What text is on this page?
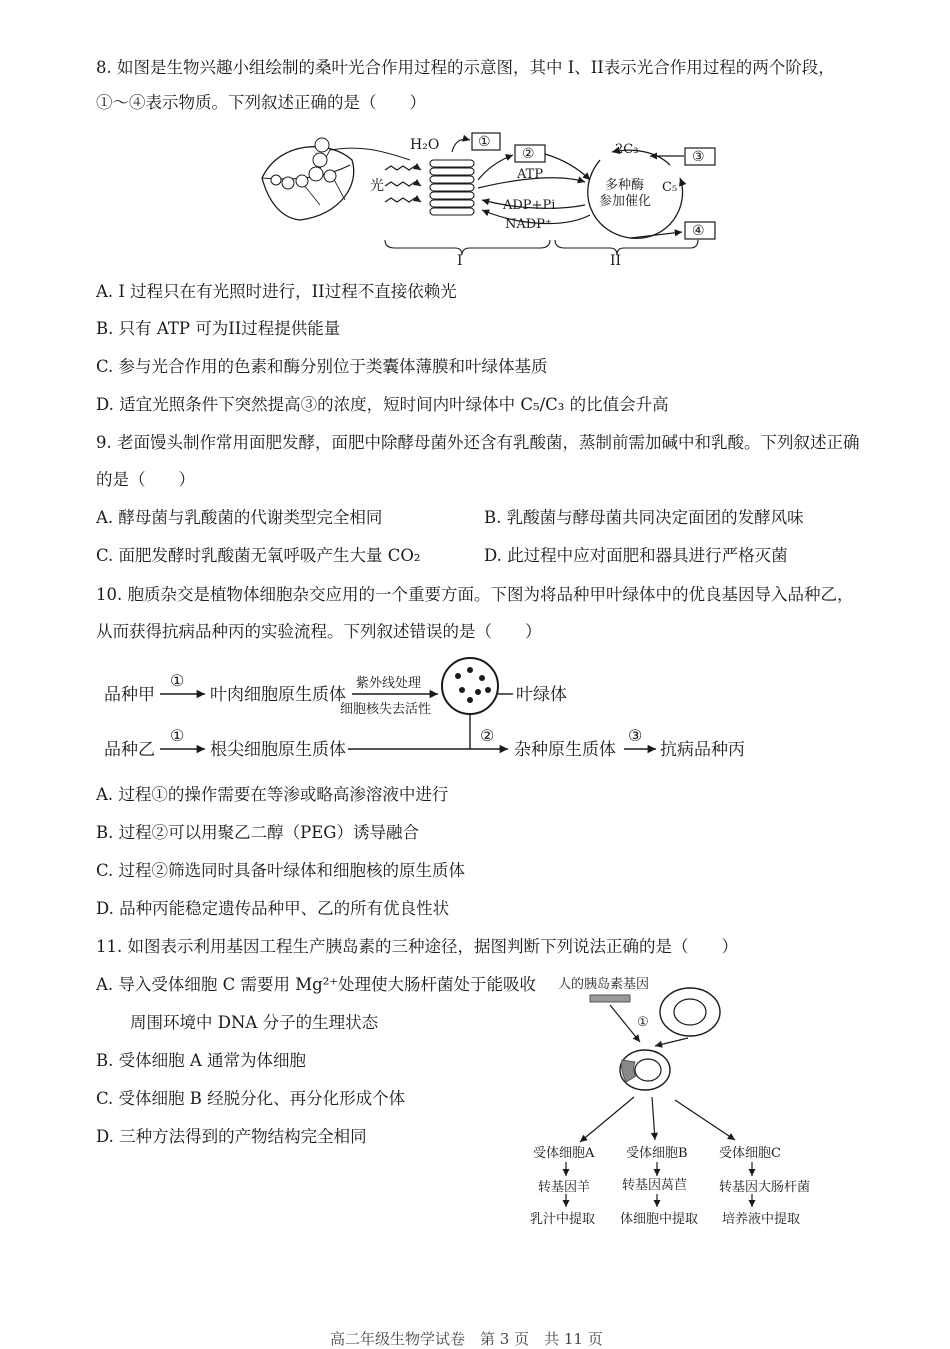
8. 如图是生物兴趣小组绘制的桑叶光合作用过程的示意图，其中 I、II表示光合作用过程的两个阶段，
①～④表示物质。下列叙述正确的是（　　）
H₂O	①
②	③
④
光
ATP
ADP+Pi
NADP⁺
2C₃
C₅
多种酶
参加催化
I	II
A. I 过程只在有光照时进行，II过程不直接依赖光
B. 只有 ATP 可为II过程提供能量
C. 参与光合作用的色素和酶分别位于类囊体薄膜和叶绿体基质
D. 适宜光照条件下突然提高③的浓度，短时间内叶绿体中 C₅/C₃ 的比值会升高
9. 老面馒头制作常用面肥发酵，面肥中除酵母菌外还含有乳酸菌，蒸制前需加碱中和乳酸。下列叙述正确
的是（　　）
A. 酵母菌与乳酸菌的代谢类型完全相同	B. 乳酸菌与酵母菌共同决定面团的发酵风味
C. 面肥发酵时乳酸菌无氧呼吸产生大量 CO₂	D. 此过程中应对面肥和器具进行严格灭菌
10. 胞质杂交是植物体细胞杂交应用的一个重要方面。下图为将品种甲叶绿体中的优良基因导入品种乙，
从而获得抗病品种丙的实验流程。下列叙述错误的是（　　）
品种甲
①
叶肉细胞原生质体
紫外线处理
细胞核失去活性
叶绿体
品种乙
①
根尖细胞原生质体
②
杂种原生质体
③
抗病品种丙
A. 过程①的操作需要在等渗或略高渗溶液中进行
B. 过程②可以用聚乙二醇（PEG）诱导融合
C. 过程②筛选同时具备叶绿体和细胞核的原生质体
D. 品种丙能稳定遗传品种甲、乙的所有优良性状
11. 如图表示利用基因工程生产胰岛素的三种途径，据图判断下列说法正确的是（　　）
A. 导入受体细胞 C 需要用 Mg²⁺处理使大肠杆菌处于能吸收
周围环境中 DNA 分子的生理状态
B. 受体细胞 A 通常为体细胞
C. 受体细胞 B 经脱分化、再分化形成个体
D. 三种方法得到的产物结构完全相同
人的胰岛素基因
①
受体细胞A 受体细胞B 受体细胞C
转基因羊 转基因莴苣 转基因大肠杆菌
乳汁中提取 体细胞中提取 培养液中提取
高二年级生物学试卷　第 3 页　共 11 页
